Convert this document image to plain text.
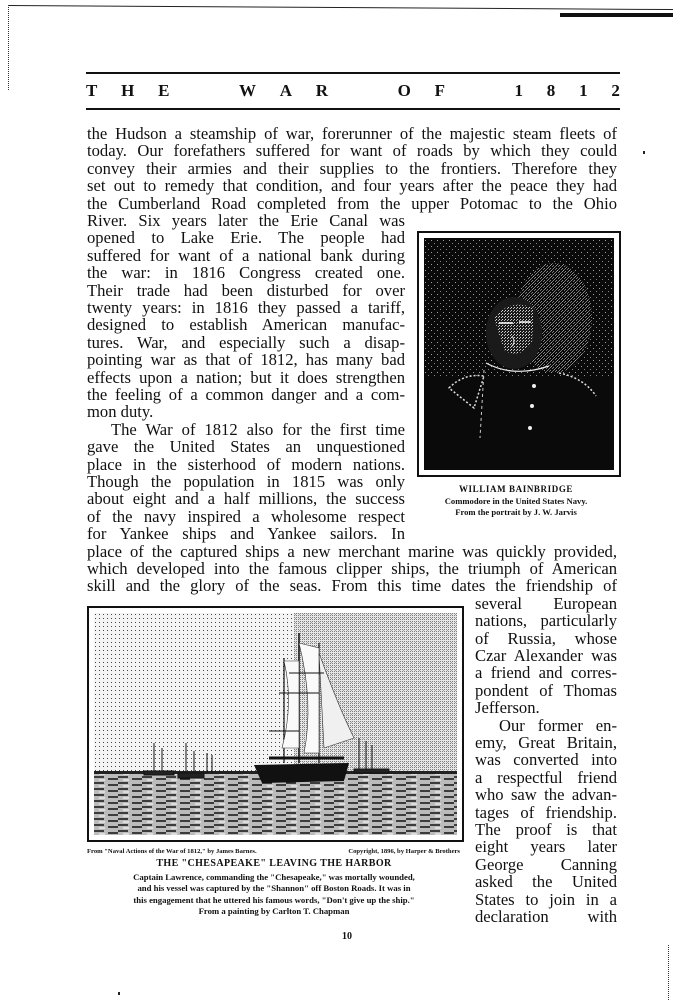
T H E	W A R	O F	1 8 1 2
the Hudson a steamship of war, forerunner of the majestic steam fleets of
today. Our forefathers suffered for want of roads by which they could
convey their armies and their supplies to the frontiers. Therefore they
set out to remedy that condition, and four years after the peace they had
the Cumberland Road completed from the upper Potomac to the Ohio
River. Six years later the Erie Canal was
opened to Lake Erie. The people had
suffered for want of a national bank during
the war: in 1816 Congress created one.
Their trade had been disturbed for over
twenty years: in 1816 they passed a tariff,
designed to establish American manufac-
tures. War, and especially such a disap-
pointing war as that of 1812, has many bad
effects upon a nation; but it does strengthen
the feeling of a common danger and a com-
mon duty.
The War of 1812 also for the first time
gave the United States an unquestioned
place in the sisterhood of modern nations.
Though the population in 1815 was only
about eight and a half millions, the success
of the navy inspired a wholesome respect
for Yankee ships and Yankee sailors. In
place of the captured ships a new merchant marine was quickly provided,
which developed into the famous clipper ships, the triumph of American
skill and the glory of the seas. From this time dates the friendship of
several European
nations, particularly
of Russia, whose
Czar Alexander was
a friend and corres-
pondent of Thomas
Jefferson.
Our former en-
emy, Great Britain,
was converted into
a respectful friend
who saw the advan-
tages of friendship.
The proof is that
eight years later
George Canning
asked the United
States to join in a
declaration with
WILLIAM BAINBRIDGE
Commodore in the United States Navy.
From the portrait by J. W. Jarvis
From "Naval Actions of the War of 1812," by James Barnes.	Copyright, 1896, by Harper & Brothers
THE "CHESAPEAKE" LEAVING THE HARBOR
Captain Lawrence, commanding the "Chesapeake," was mortally wounded,
and his vessel was captured by the "Shannon" off Boston Roads. It was in
this engagement that he uttered his famous words, "Don't give up the ship."
From a painting by Carlton T. Chapman
10
